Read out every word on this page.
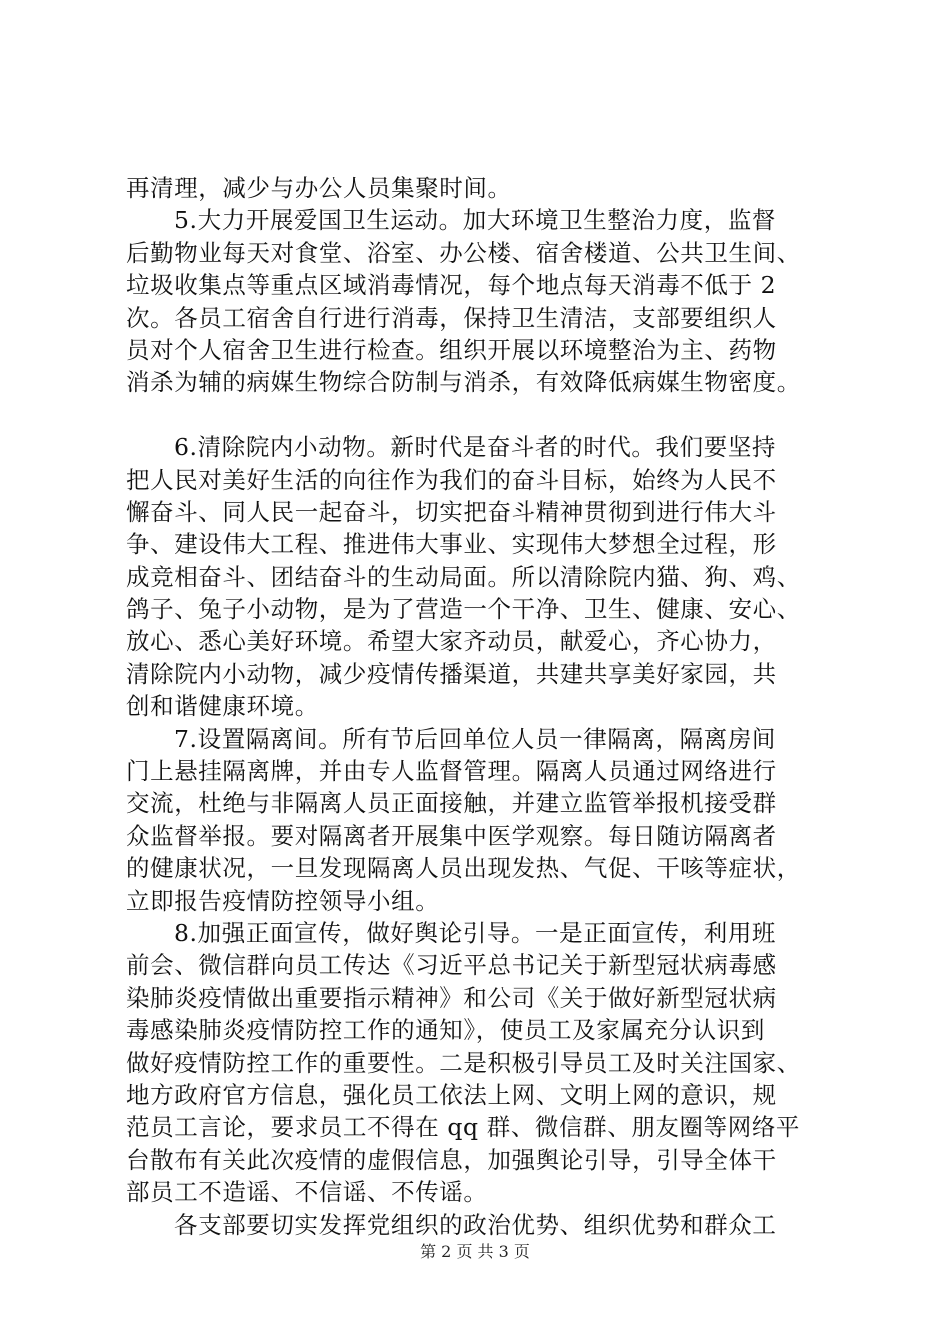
再清理，减少与办公人员集聚时间。
5.大力开展爱国卫生运动。加大环境卫生整治力度，监督
后勤物业每天对食堂、浴室、办公楼、宿舍楼道、公共卫生间、
垃圾收集点等重点区域消毒情况，每个地点每天消毒不低于 2
次。各员工宿舍自行进行消毒，保持卫生清洁，支部要组织人
员对个人宿舍卫生进行检查。组织开展以环境整治为主、药物
消杀为辅的病媒生物综合防制与消杀，有效降低病媒生物密度。
6.清除院内小动物。新时代是奋斗者的时代。我们要坚持
把人民对美好生活的向往作为我们的奋斗目标，始终为人民不
懈奋斗、同人民一起奋斗，切实把奋斗精神贯彻到进行伟大斗
争、建设伟大工程、推进伟大事业、实现伟大梦想全过程，形
成竞相奋斗、团结奋斗的生动局面。所以清除院内猫、狗、鸡、
鸽子、兔子小动物，是为了营造一个干净、卫生、健康、安心、
放心、悉心美好环境。希望大家齐动员，献爱心，齐心协力，
清除院内小动物，减少疫情传播渠道，共建共享美好家园，共
创和谐健康环境。
7.设置隔离间。所有节后回单位人员一律隔离，隔离房间
门上悬挂隔离牌，并由专人监督管理。隔离人员通过网络进行
交流，杜绝与非隔离人员正面接触，并建立监管举报机接受群
众监督举报。要对隔离者开展集中医学观察。每日随访隔离者
的健康状况，一旦发现隔离人员出现发热、气促、干咳等症状，
立即报告疫情防控领导小组。
8.加强正面宣传，做好舆论引导。一是正面宣传，利用班
前会、微信群向员工传达《习近平总书记关于新型冠状病毒感
染肺炎疫情做出重要指示精神》和公司《关于做好新型冠状病
毒感染肺炎疫情防控工作的通知》，使员工及家属充分认识到
做好疫情防控工作的重要性。二是积极引导员工及时关注国家、
地方政府官方信息，强化员工依法上网、文明上网的意识，规
范员工言论，要求员工不得在 qq 群、微信群、朋友圈等网络平
台散布有关此次疫情的虚假信息，加强舆论引导，引导全体干
部员工不造谣、不信谣、不传谣。
各支部要切实发挥党组织的政治优势、组织优势和群众工
第 2 页 共 3 页
